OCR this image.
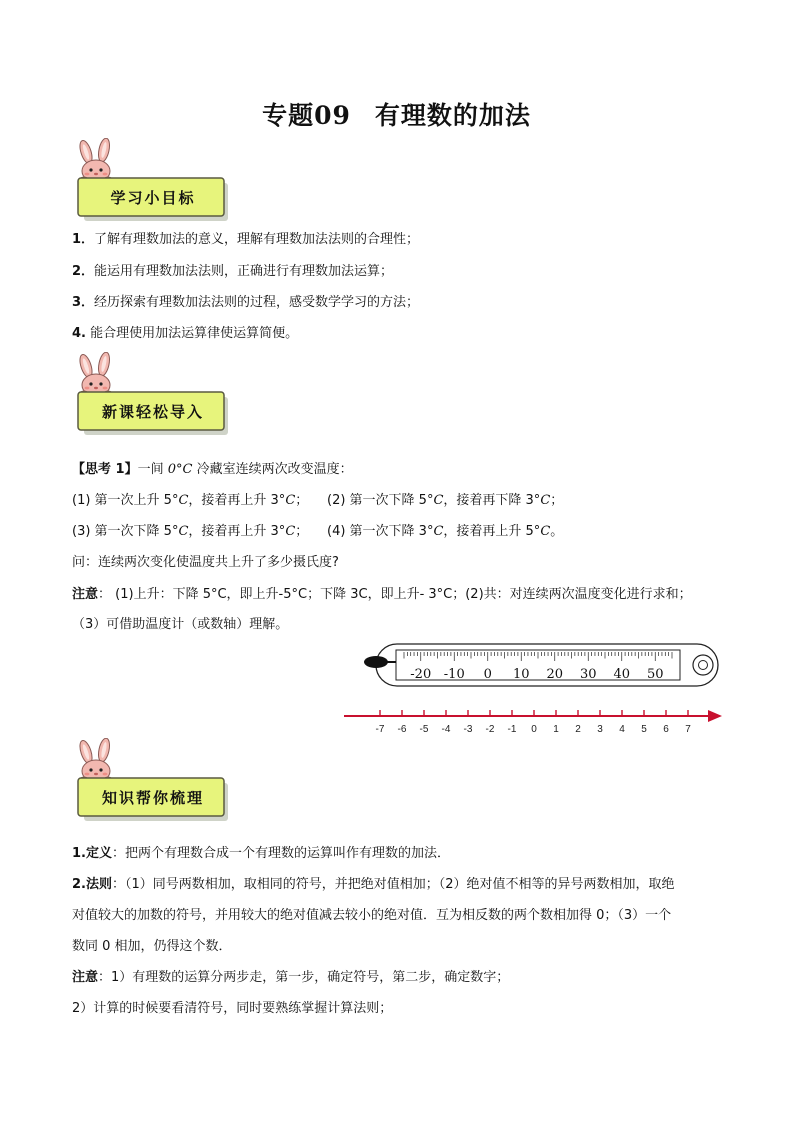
专题09 有理数的加法
学习小目标
1．了解有理数加法的意义，理解有理数加法法则的合理性；
2．能运用有理数加法法则，正确进行有理数加法运算；
3．经历探索有理数加法法则的过程，感受数学学习的方法；
4. 能合理使用加法运算律使运算简便。
新课轻松导入
【思考 1】一间 0°C 冷藏室连续两次改变温度：
(1) 第一次上升 5°C，接着再上升 3°C； (2) 第一次下降 5°C，接着再下降 3°C；
(3) 第一次下降 5°C，接着再上升 3°C； (4) 第一次下降 3°C，接着再上升 5°C。
问：连续两次变化使温度共上升了多少摄氏度?
注意： (1)上升：下降 5°C，即上升-5°C；下降 3C，即上升- 3°C；(2)共：对连续两次温度变化进行求和；
（3）可借助温度计（或数轴）理解。
-20 -10 0 10 20 30 40 50
-7 -6 -5 -4 -3 -2 -1 0 1 2 3 4 5 6 7
知识帮你梳理
1.定义：把两个有理数合成一个有理数的运算叫作有理数的加法．
2.法则：（1）同号两数相加，取相同的符号，并把绝对值相加；（2）绝对值不相等的异号两数相加，取绝
对值较大的加数的符号，并用较大的绝对值减去较小的绝对值．互为相反数的两个数相加得 0；（3）一个
数同 0 相加，仍得这个数．
注意：1）有理数的运算分两步走，第一步，确定符号，第二步，确定数字；
2）计算的时候要看清符号，同时要熟练掌握计算法则；
